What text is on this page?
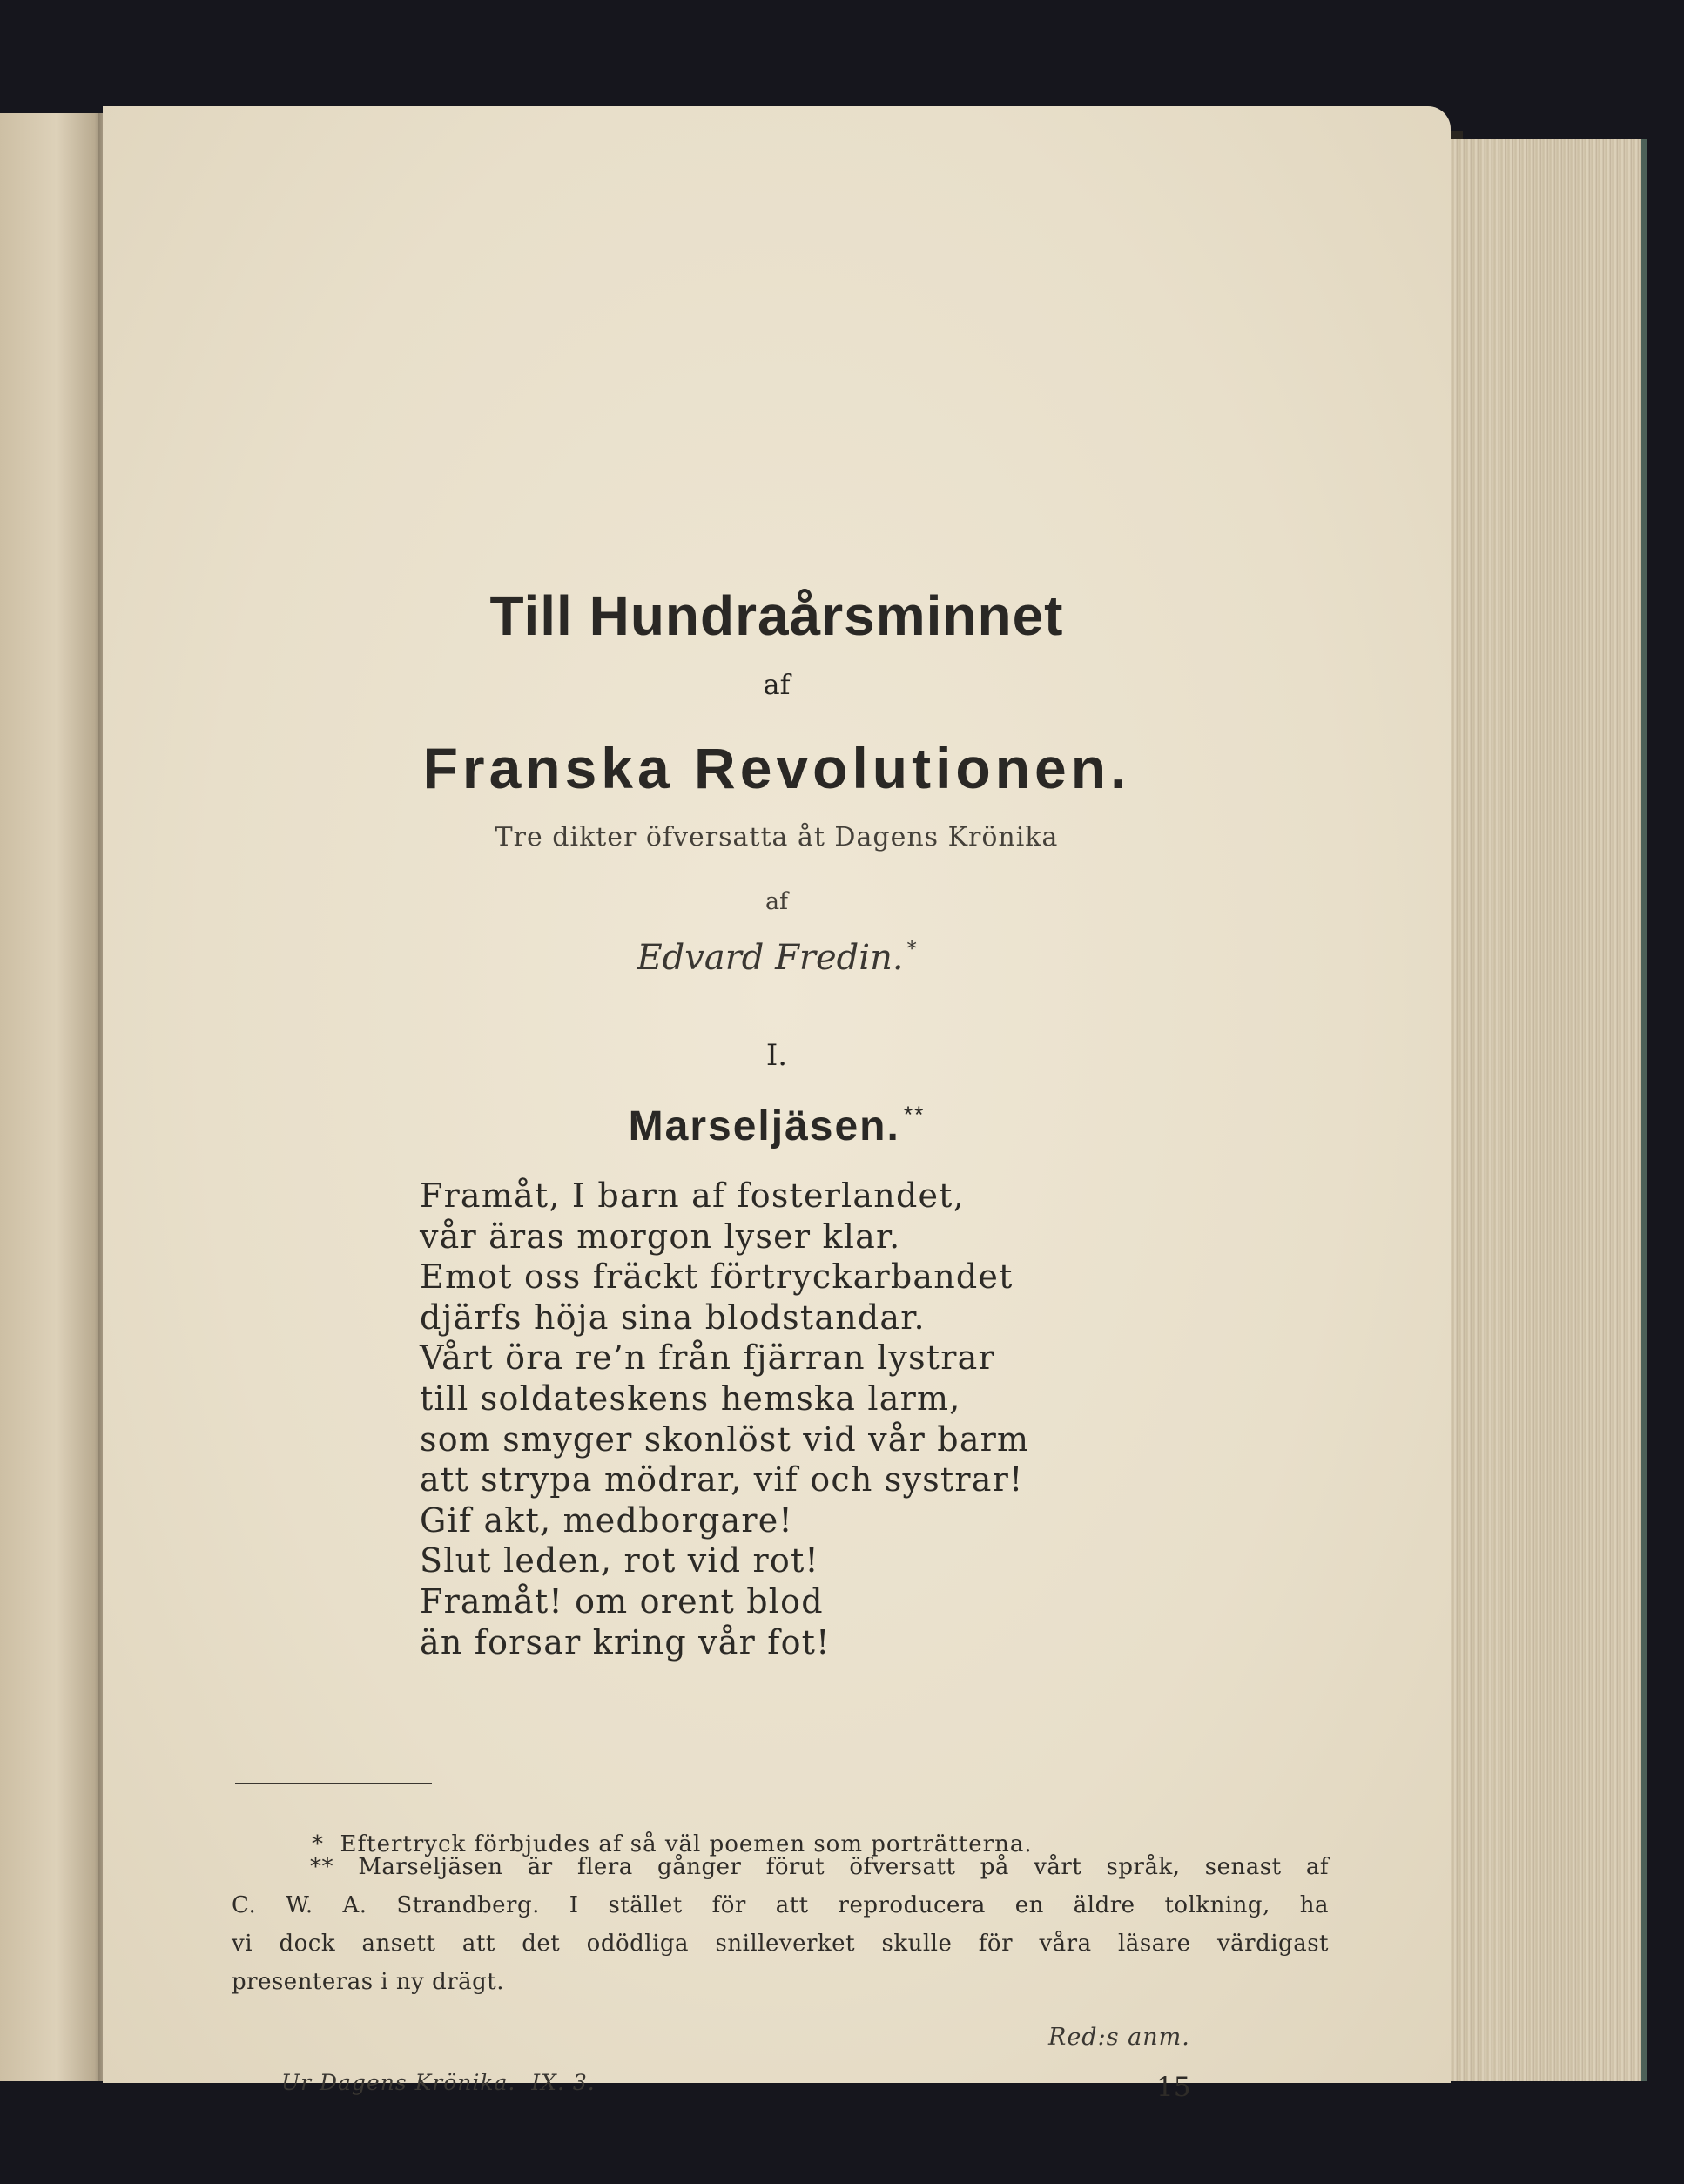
Till Hundraårsminnet

af

Franska Revolutionen.

Tre dikter öfversatta åt Dagens Krönika

af

Edvard Fredin. *

I.

Marseljäsen. **
Framåt, I barn af fosterlandet,
vår äras morgon lyser klar.
Emot oss fräckt förtryckarbandet
djärfs höja sina blodstandar.
Vårt öra re’n från fjärran lystrar
till soldateskens hemska larm,
som smyger skonlöst vid vår barm
att strypa mödrar, vif och systrar!
Gif akt, medborgare!
Slut leden, rot vid rot!
Framåt! om orent blod
än forsar kring vår fot!

* Eftertryck förbjudes af så väl poemen som porträtterna.

** Marseljäsen är flera gånger förut öfversatt på vårt språk, senast af
C. W. A. Strandberg. I stället för att reproducera en äldre tolkning, ha
vi dock ansett att det odödliga snilleverket skulle för våra läsare värdigast
presenteras i ny drägt.

Red:s anm.

Ur Dagens Krönika. IX. 3.	15
